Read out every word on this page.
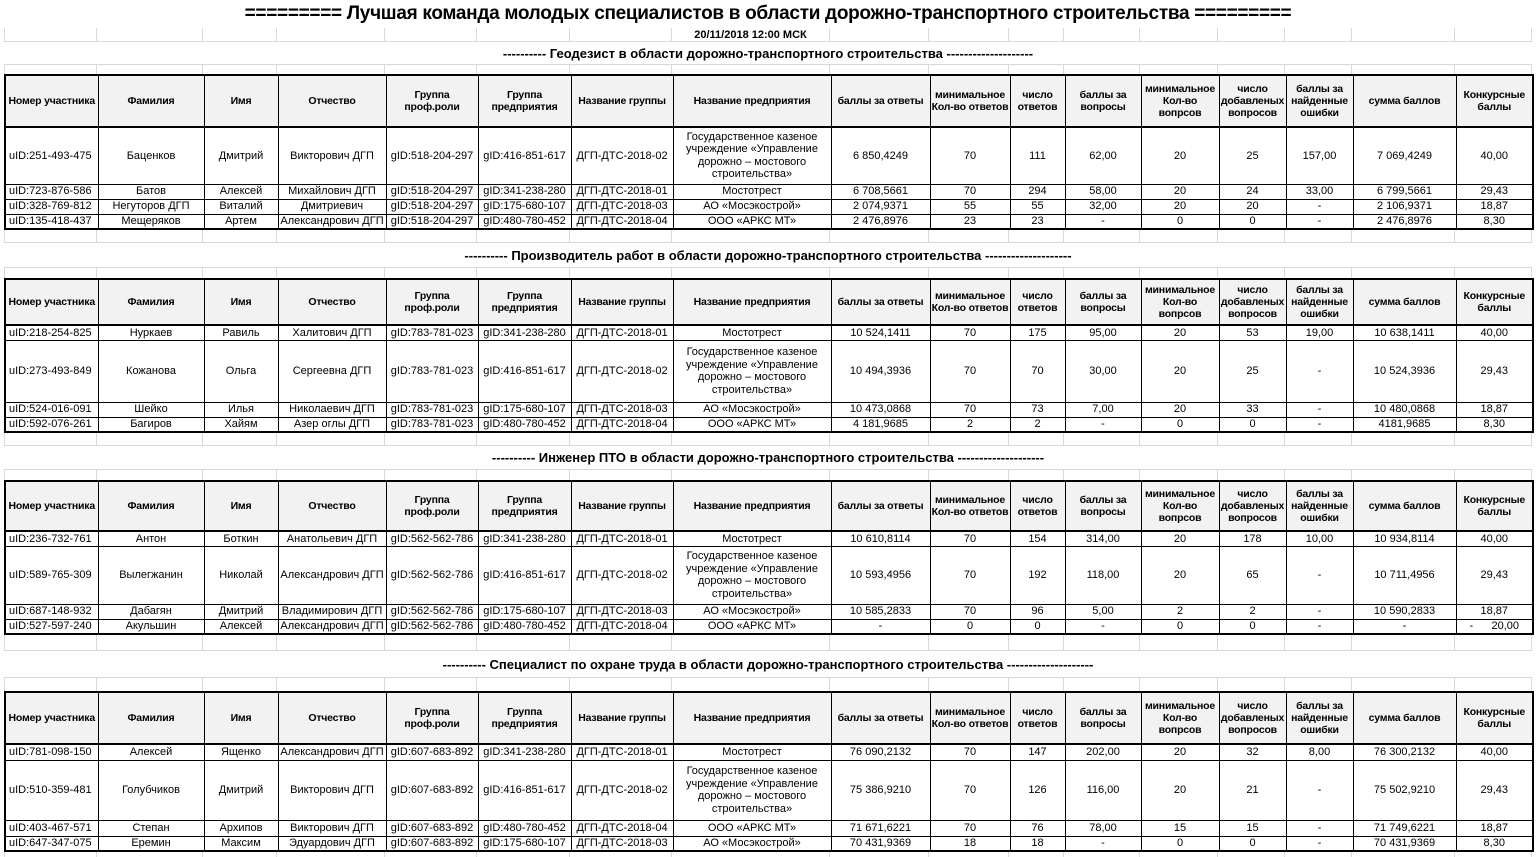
========= Лучшая команда молодых специалистов в области дорожно-транспортного строительства =========
20/11/2018 12:00 МСК
---------- Геодезист в области дорожно-транспортного строительства --------------------
Номер участника	Фамилия	Имя	Отчество	Группа проф.роли	Группа предприятия	Название группы	Название предприятия	баллы за ответы	минимальное Кол-во ответов	число ответов	баллы за вопросы	минимальное Кол-во вопрсов	число добавленых вопросов	баллы за найденные ошибки	сумма баллов	Конкурсные баллы
uID:251-493-475	Баценков	Дмитрий	Викторович ДГП	gID:518-204-297	gID:416-851-617	ДГП-ДТС-2018-02	Государственное казеное учреждение «Управление дорожно – мостового строительства»	6 850,4249	70	111	62,00	20	25	157,00	7 069,4249	40,00
uID:723-876-586	Батов	Алексей	Михайлович ДГП	gID:518-204-297	gID:341-238-280	ДГП-ДТС-2018-01	Мостотрест	6 708,5661	70	294	58,00	20	24	33,00	6 799,5661	29,43
uID:328-769-812	Негуторов ДГП	Виталий	Дмитриевич	gID:518-204-297	gID:175-680-107	ДГП-ДТС-2018-03	АО «Мосэкострой»	2 074,9371	55	55	32,00	20	20	-	2 106,9371	18,87
uID:135-418-437	Мещеряков	Артем	Александрович ДГП	gID:518-204-297	gID:480-780-452	ДГП-ДТС-2018-04	ООО «АРКС МТ»	2 476,8976	23	23	-	0	0	-	2 476,8976	8,30
---------- Производитель работ в области дорожно-транспортного строительства --------------------
Номер участника	Фамилия	Имя	Отчество	Группа проф.роли	Группа предприятия	Название группы	Название предприятия	баллы за ответы	минимальное Кол-во ответов	число ответов	баллы за вопросы	минимальное Кол-во вопрсов	число добавленых вопросов	баллы за найденные ошибки	сумма баллов	Конкурсные баллы
uID:218-254-825	Нуркаев	Равиль	Халитович ДГП	gID:783-781-023	gID:341-238-280	ДГП-ДТС-2018-01	Мостотрест	10 524,1411	70	175	95,00	20	53	19,00	10 638,1411	40,00
uID:273-493-849	Кожанова	Ольга	Сергеевна ДГП	gID:783-781-023	gID:416-851-617	ДГП-ДТС-2018-02	Государственное казеное учреждение «Управление дорожно – мостового строительства»	10 494,3936	70	70	30,00	20	25	-	10 524,3936	29,43
uID:524-016-091	Шейко	Илья	Николаевич ДГП	gID:783-781-023	gID:175-680-107	ДГП-ДТС-2018-03	АО «Мосэкострой»	10 473,0868	70	73	7,00	20	33	-	10 480,0868	18,87
uID:592-076-261	Багиров	Хайям	Азер оглы ДГП	gID:783-781-023	gID:480-780-452	ДГП-ДТС-2018-04	ООО «АРКС МТ»	4 181,9685	2	2	-	0	0	-	4181,9685	8,30
---------- Инженер ПТО в области дорожно-транспортного строительства --------------------
Номер участника	Фамилия	Имя	Отчество	Группа проф.роли	Группа предприятия	Название группы	Название предприятия	баллы за ответы	минимальное Кол-во ответов	число ответов	баллы за вопросы	минимальное Кол-во вопрсов	число добавленых вопросов	баллы за найденные ошибки	сумма баллов	Конкурсные баллы
uID:236-732-761	Антон	Боткин	Анатольевич ДГП	gID:562-562-786	gID:341-238-280	ДГП-ДТС-2018-01	Мостотрест	10 610,8114	70	154	314,00	20	178	10,00	10 934,8114	40,00
uID:589-765-309	Вылегжанин	Николай	Александрович ДГП	gID:562-562-786	gID:416-851-617	ДГП-ДТС-2018-02	Государственное казеное учреждение «Управление дорожно – мостового строительства»	10 593,4956	70	192	118,00	20	65	-	10 711,4956	29,43
uID:687-148-932	Дабагян	Дмитрий	Владимирович ДГП	gID:562-562-786	gID:175-680-107	ДГП-ДТС-2018-03	АО «Мосэкострой»	10 585,2833	70	96	5,00	2	2	-	10 590,2833	18,87
uID:527-597-240	Акульшин	Алексей	Александрович ДГП	gID:562-562-786	gID:480-780-452	ДГП-ДТС-2018-04	ООО «АРКС МТ»	-	0	0	-	0	0	-	-	-      20,00
---------- Специалист по охране труда в области дорожно-транспортного строительства --------------------
Номер участника	Фамилия	Имя	Отчество	Группа проф.роли	Группа предприятия	Название группы	Название предприятия	баллы за ответы	минимальное Кол-во ответов	число ответов	баллы за вопросы	минимальное Кол-во вопрсов	число добавленых вопросов	баллы за найденные ошибки	сумма баллов	Конкурсные баллы
uID:781-098-150	Алексей	Ященко	Александрович ДГП	gID:607-683-892	gID:341-238-280	ДГП-ДТС-2018-01	Мостотрест	76 090,2132	70	147	202,00	20	32	8,00	76 300,2132	40,00
uID:510-359-481	Голубчиков	Дмитрий	Викторович ДГП	gID:607-683-892	gID:416-851-617	ДГП-ДТС-2018-02	Государственное казеное учреждение «Управление дорожно – мостового строительства»	75 386,9210	70	126	116,00	20	21	-	75 502,9210	29,43
uID:403-467-571	Степан	Архипов	Викторович ДГП	gID:607-683-892	gID:480-780-452	ДГП-ДТС-2018-04	ООО «АРКС МТ»	71 671,6221	70	76	78,00	15	15	-	71 749,6221	18,87
uID:647-347-075	Еремин	Максим	Эдуардович ДГП	gID:607-683-892	gID:175-680-107	ДГП-ДТС-2018-03	АО «Мосэкострой»	70 431,9369	18	18	-	0	0	-	70 431,9369	8,30
